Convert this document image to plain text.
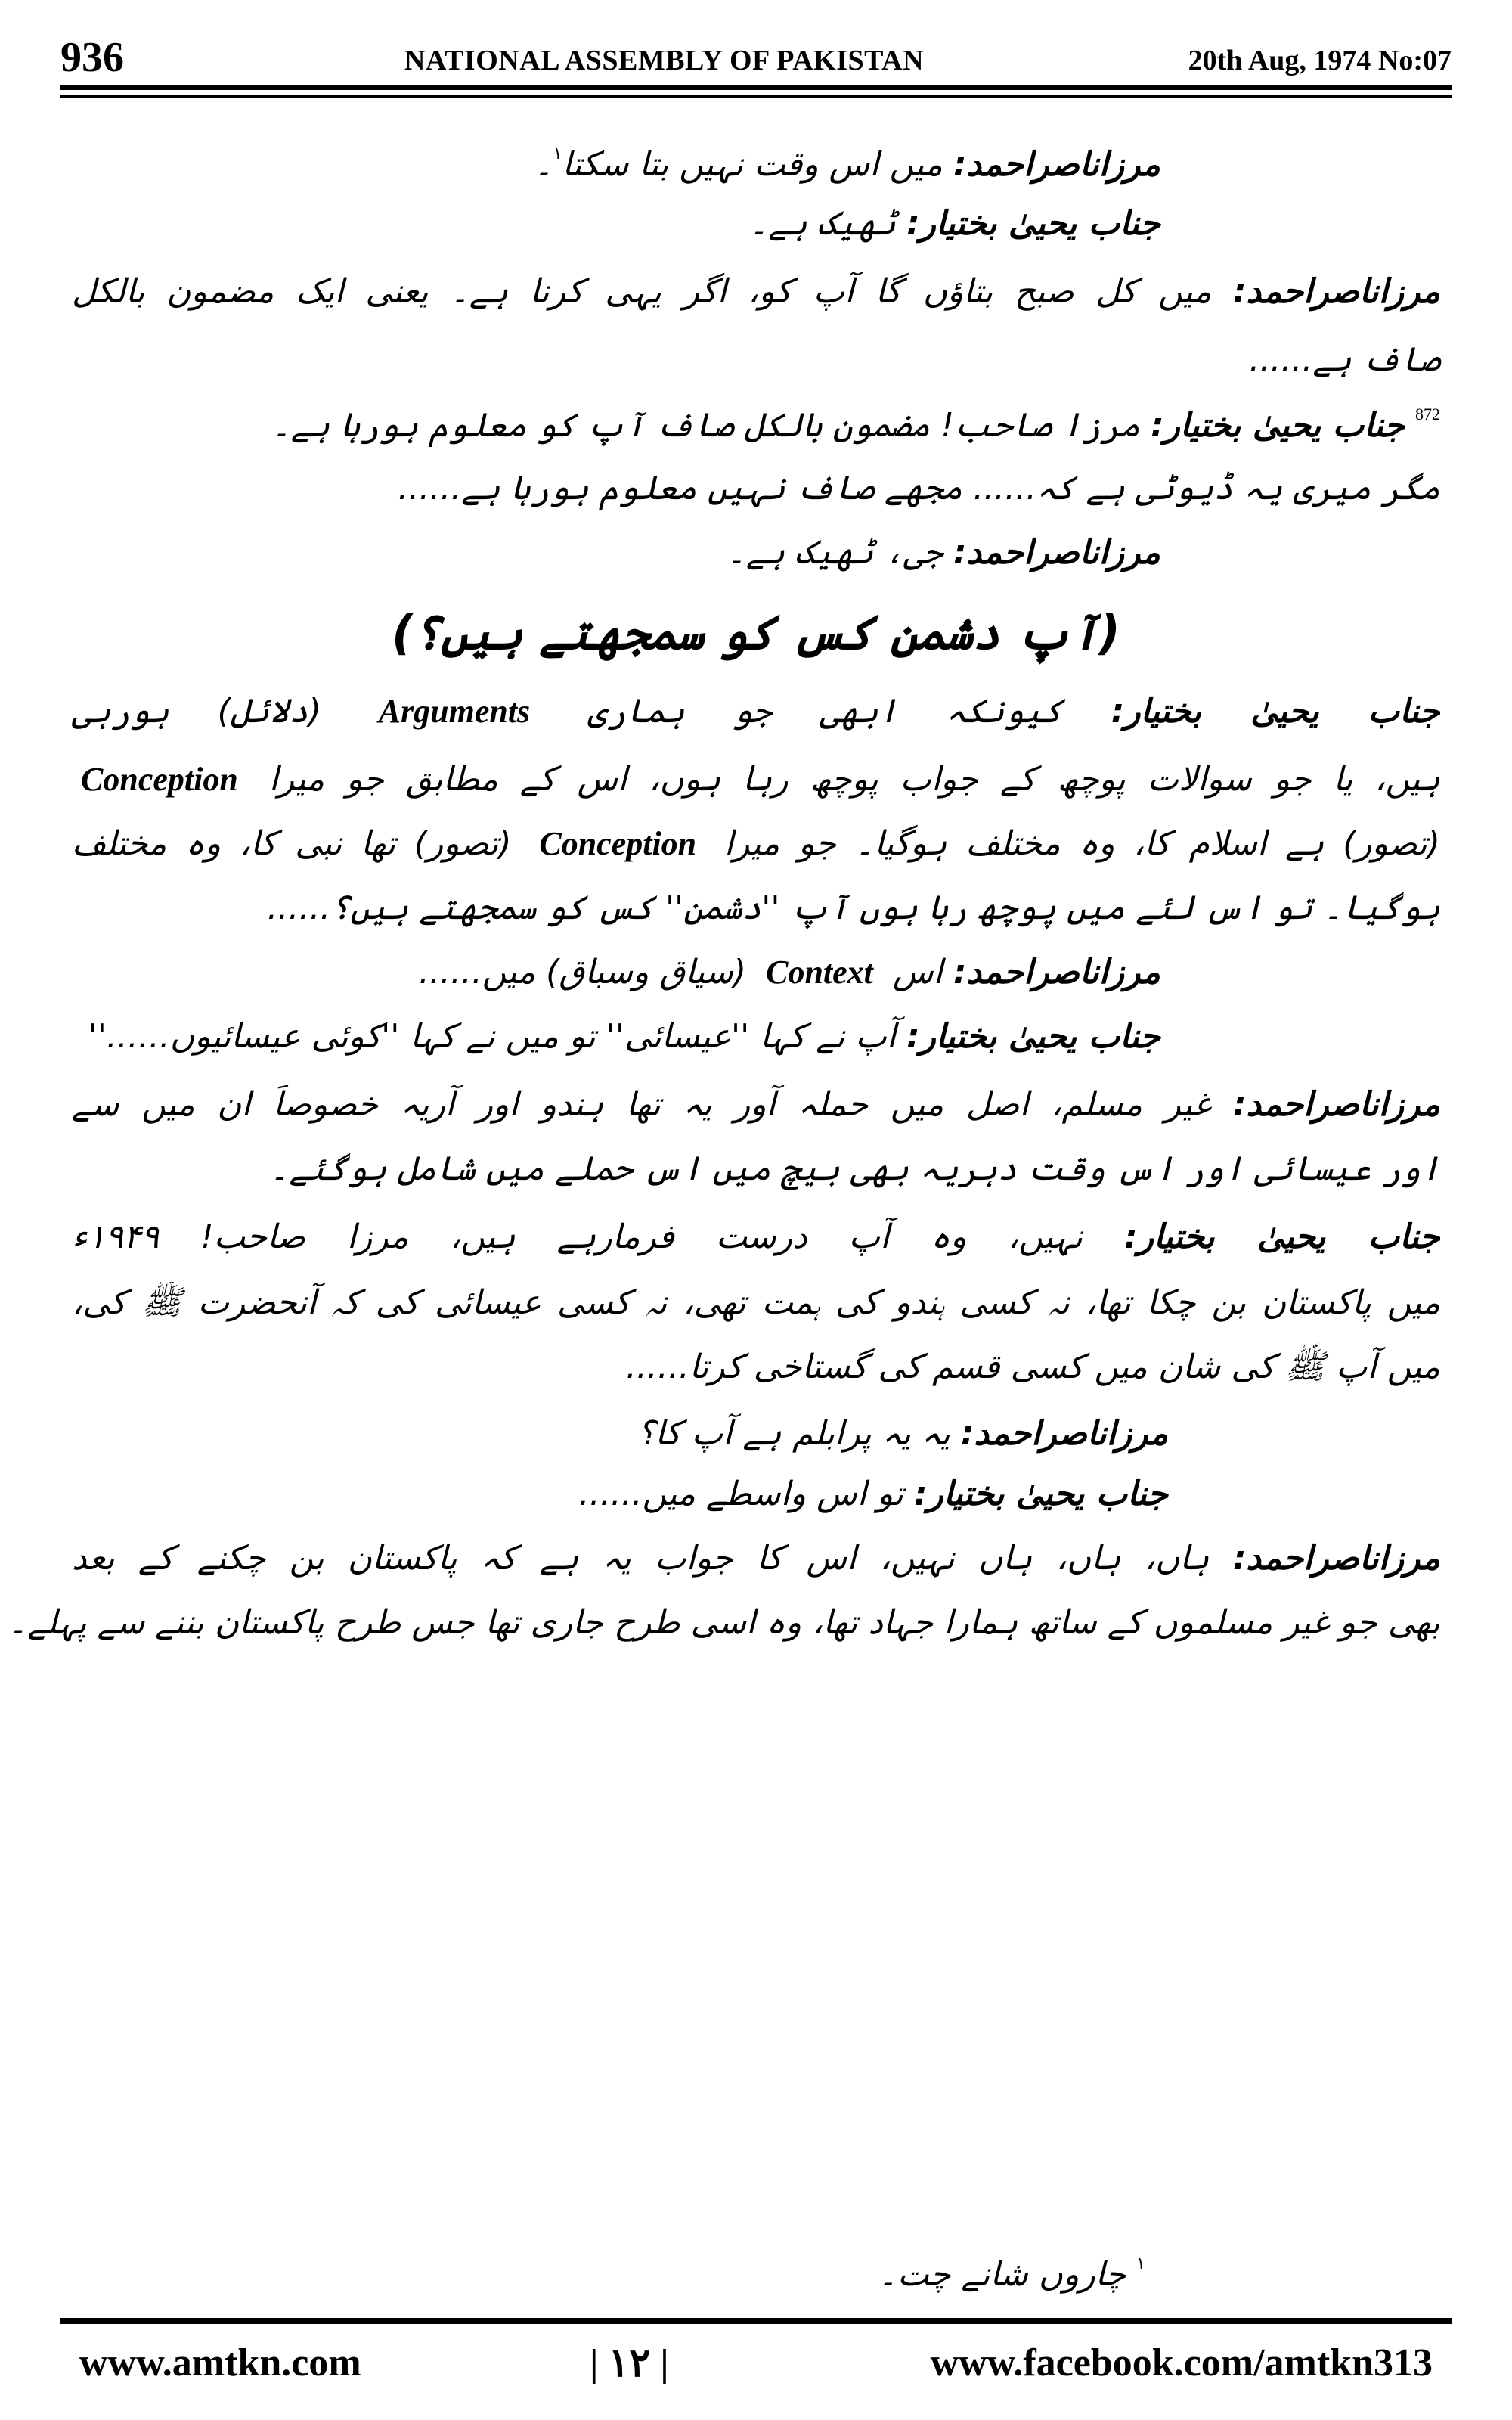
936	NATIONAL ASSEMBLY OF PAKISTAN	20th Aug, 1974 No:07
مرزاناصراحمد: میں اس وقت نہیں بتا سکتا$^۱$۔
جناب یحییٰ بختیار: ٹھیک ہے۔
مرزاناصراحمد: میں کل صبح بتاؤں گا آپ کو، اگر یہی کرنا ہے۔ یعنی ایک مضمون بالکل
صاف ہے......
$^{872}$ جناب یحییٰ بختیار: مرزا صاحب! مضمون بالکل صاف آپ کو معلوم ہورہا ہے۔
مگر میری یہ ڈیوٹی ہے کہ...... مجھے صاف نہیں معلوم ہورہا ہے......
مرزاناصراحمد: جی، ٹھیک ہے۔
(آپ دشمن کس کو سمجھتے ہیں؟)
جناب یحییٰ بختیار: کیونکہ ابھی جو ہماری Arguments (دلائل) ہورہی
ہیں، یا جو سوالات پوچھ کے جواب پوچھ رہا ہوں، اس کے مطابق جو میرا Conception
(تصور) ہے اسلام کا، وہ مختلف ہوگیا۔ جو میرا Conception (تصور) تھا نبی کا، وہ مختلف
ہوگیا۔ تو اس لئے میں پوچھ رہا ہوں آپ ''دشمن'' کس کو سمجھتے ہیں؟......
مرزاناصراحمد: اس Context (سیاق وسباق) میں......
جناب یحییٰ بختیار: آپ نے کہا ''عیسائی'' تو میں نے کہا ''کوئی عیسائیوں......''
مرزاناصراحمد: غیر مسلم، اصل میں حملہ آور یہ تھا ہندو اور آریہ خصوصاً ان میں سے
اور عیسائی اور اس وقت دہریہ بھی بیچ میں اس حملے میں شامل ہوگئے۔
جناب یحییٰ بختیار: نہیں، وہ آپ درست فرمارہے ہیں، مرزا صاحب! ۱۹۴۹ء
میں پاکستان بن چکا تھا، نہ کسی ہندو کی ہمت تھی، نہ کسی عیسائی کی کہ آنحضرت ﷺ کی،
میں آپ ﷺ کی شان میں کسی قسم کی گستاخی کرتا......
مرزاناصراحمد: یہ یہ پرابلم ہے آپ کا؟
جناب یحییٰ بختیار: تو اس واسطے میں......
مرزاناصراحمد: ہاں، ہاں، ہاں نہیں، اس کا جواب یہ ہے کہ پاکستان بن چکنے کے بعد
بھی جو غیر مسلموں کے ساتھ ہمارا جہاد تھا، وہ اسی طرح جاری تھا جس طرح پاکستان بننے سے پہلے۔
$^۱$ چاروں شانے چت۔
www.amtkn.com	| ۱۲ |	www.facebook.com/amtkn313
